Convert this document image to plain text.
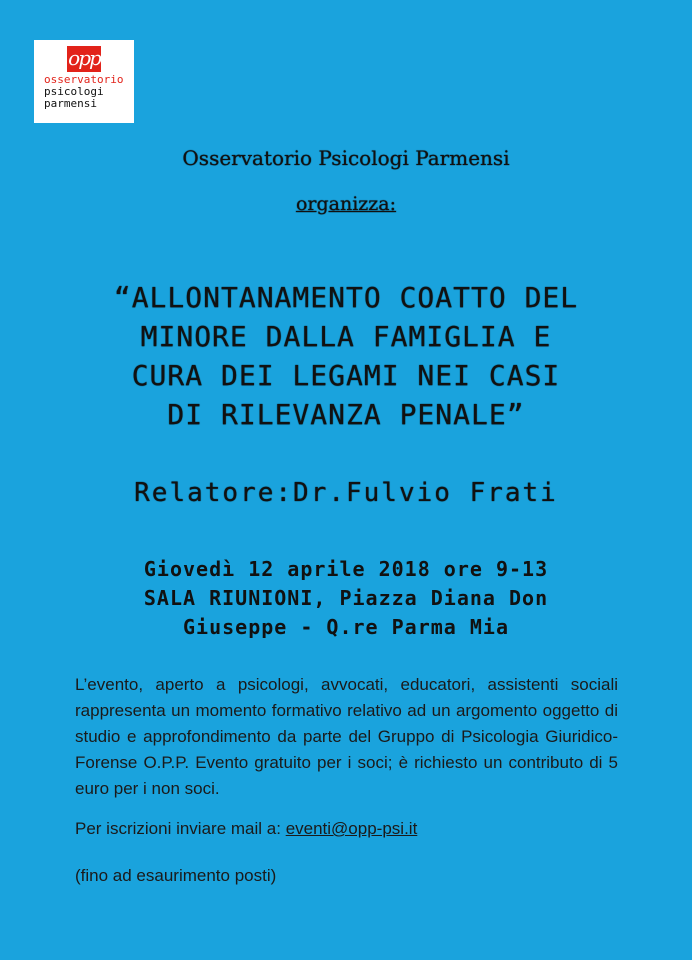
opp
osservatorio
psicologi
parmensi
Osservatorio Psicologi Parmensi
organizza:
“ALLONTANAMENTO COATTO DEL
MINORE DALLA FAMIGLIA E
CURA DEI LEGAMI NEI CASI
DI RILEVANZA PENALE”
Relatore:Dr.Fulvio Frati
Giovedì 12 aprile 2018 ore 9-13
SALA RIUNIONI, Piazza Diana Don
Giuseppe - Q.re Parma Mia
L’evento, aperto a psicologi, avvocati, educatori, assistenti sociali rappresenta un momento formativo relativo ad un argomento oggetto di studio e approfondimento da parte del Gruppo di Psicologia Giuridico-Forense O.P.P. Evento gratuito per i soci; è richiesto un contributo di 5 euro per i non soci.
Per iscrizioni inviare mail a: eventi@opp-psi.it
(fino ad esaurimento posti)
